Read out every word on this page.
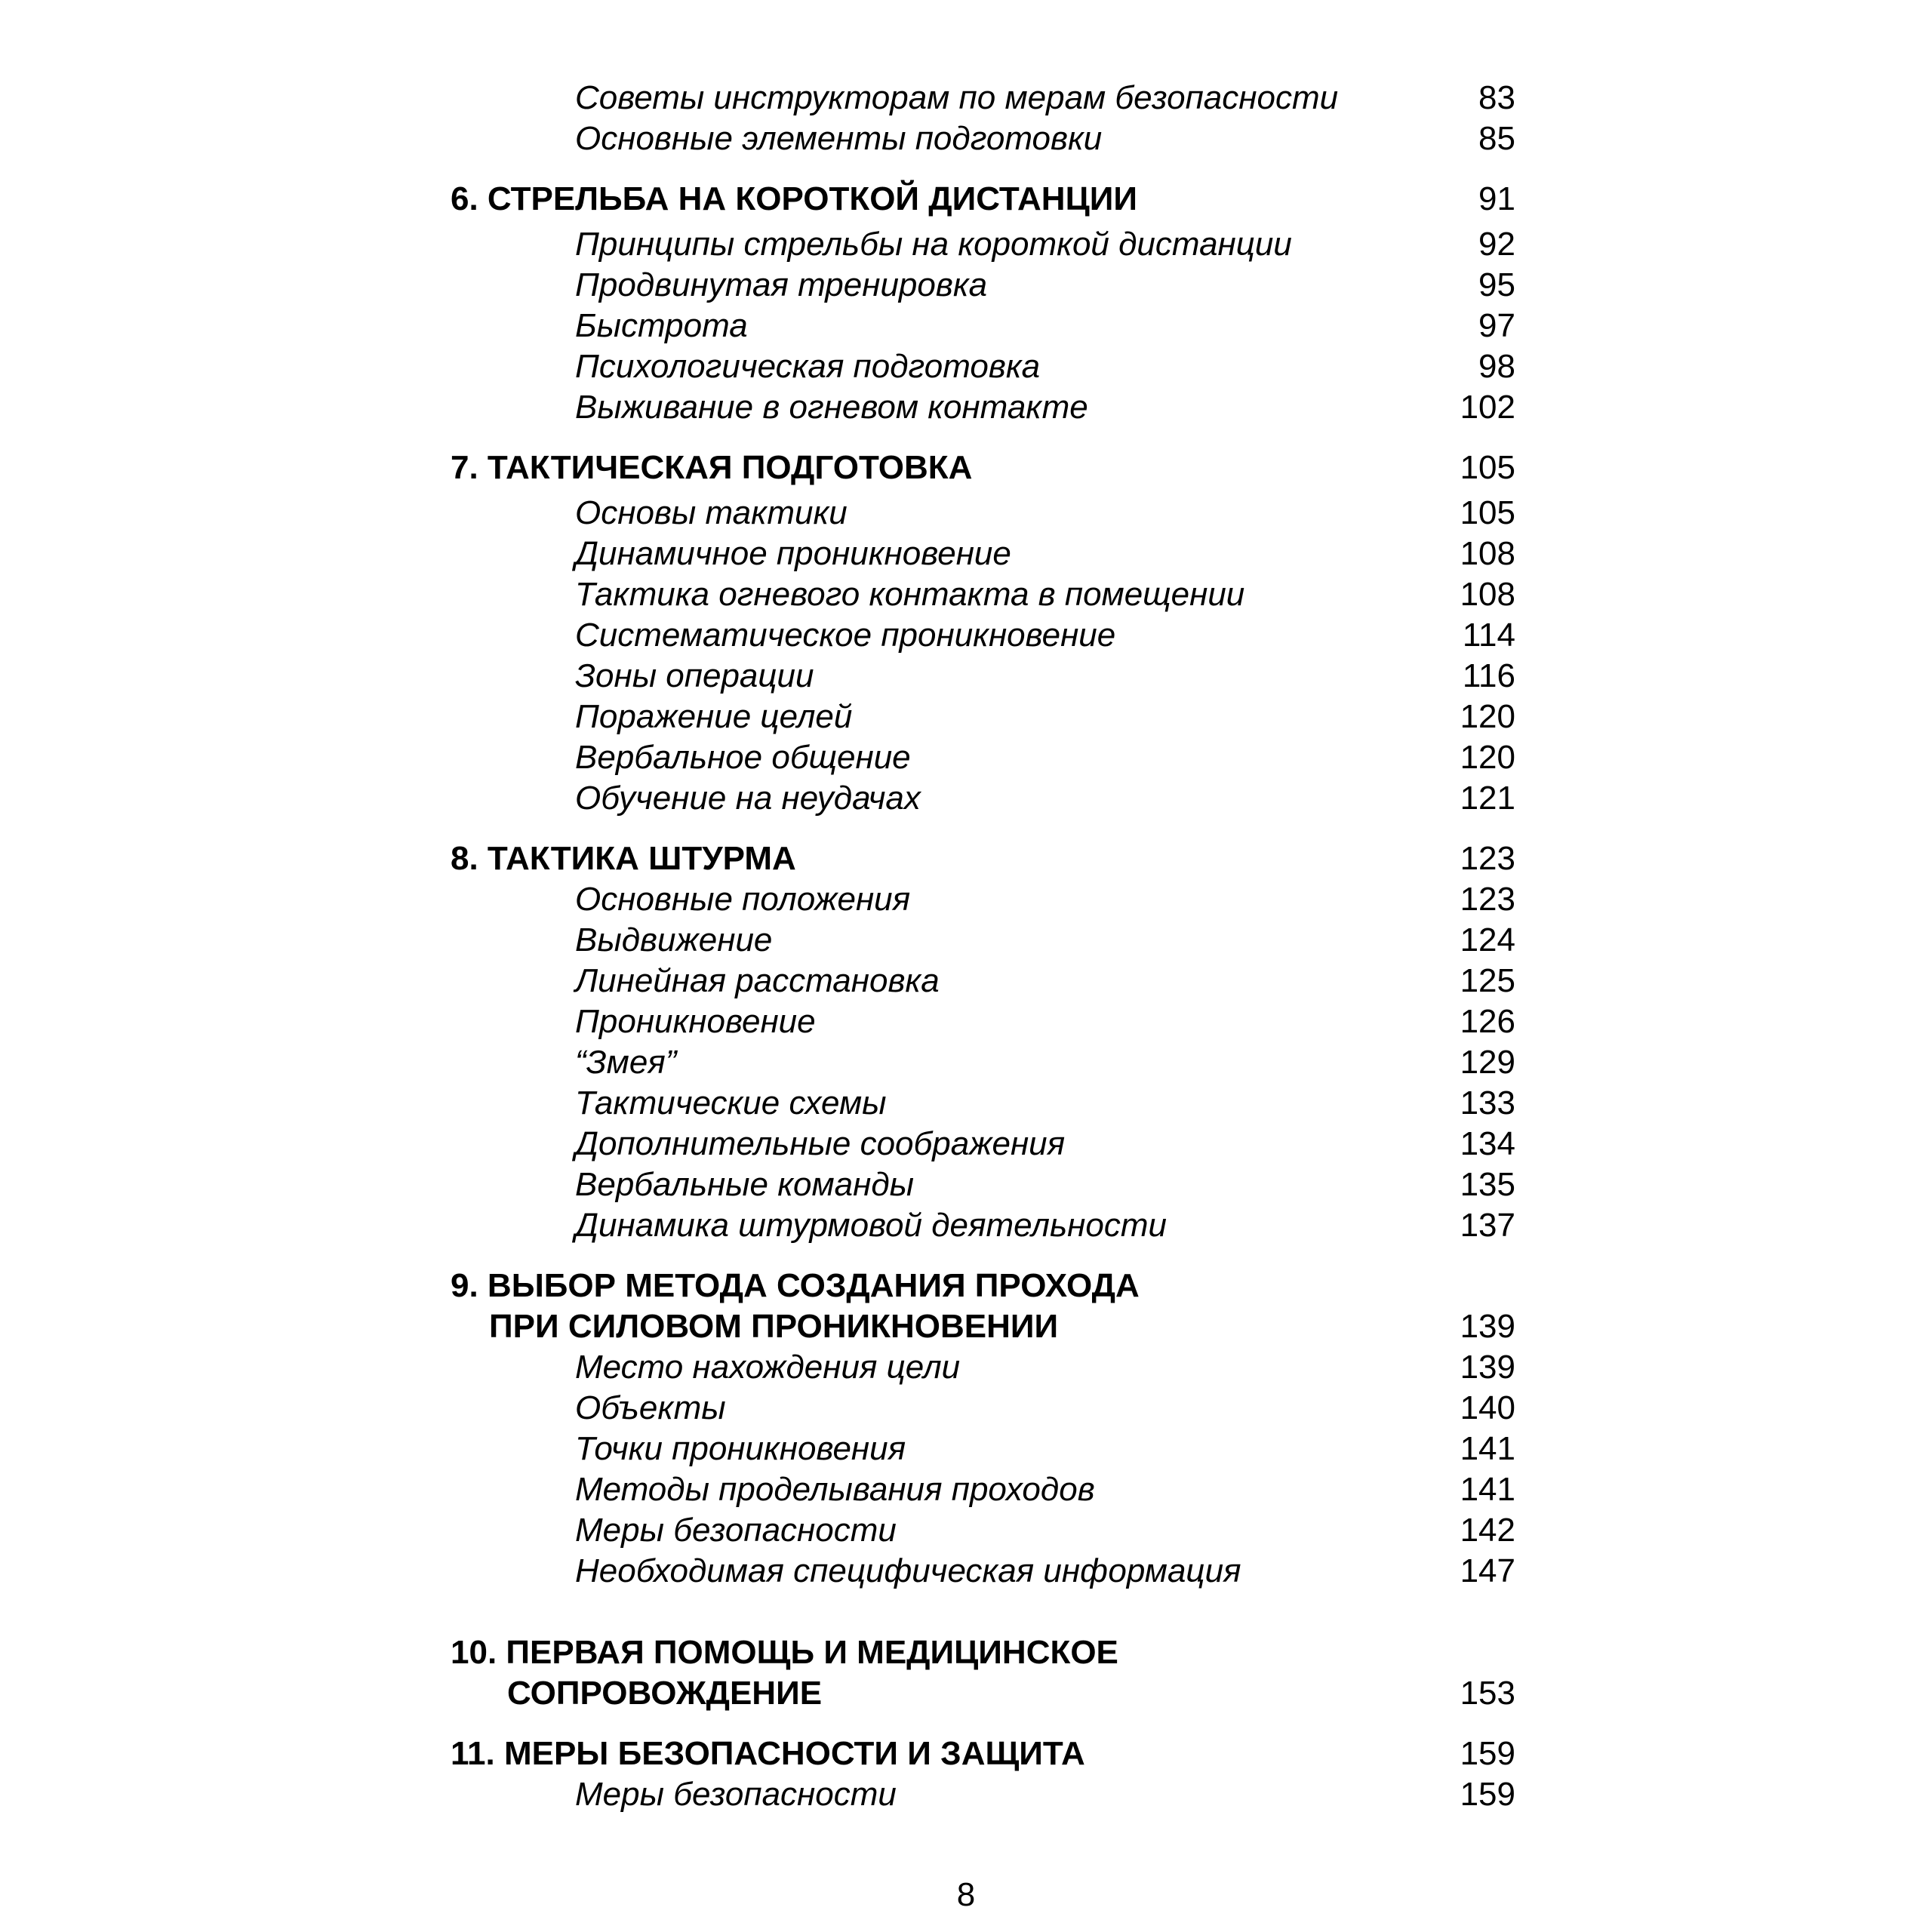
Советы инструкторам по мерам безопасности	83
Основные элементы подготовки	85
6. СТРЕЛЬБА НА КОРОТКОЙ ДИСТАНЦИИ	91
Принципы стрельбы на короткой дистанции	92
Продвинутая тренировка	95
Быстрота	97
Психологическая подготовка	98
Выживание в огневом контакте	102
7. ТАКТИЧЕСКАЯ ПОДГОТОВКА	105
Основы тактики	105
Динамичное проникновение	108
Тактика огневого контакта в помещении	108
Систематическое проникновение	114
Зоны операции	116
Поражение целей	120
Вербальное общение	120
Обучение на неудачах	121
8. ТАКТИКА ШТУРМА	123
Основные положения	123
Выдвижение	124
Линейная расстановка	125
Проникновение	126
“Змея”	129
Тактические схемы	133
Дополнительные соображения	134
Вербальные команды	135
Динамика штурмовой деятельности	137
9. ВЫБОР МЕТОДА СОЗДАНИЯ ПРОХОДА
ПРИ СИЛОВОМ ПРОНИКНОВЕНИИ	139
Место нахождения цели	139
Объекты	140
Точки проникновения	141
Методы проделывания проходов	141
Меры безопасности	142
Необходимая специфическая информация	147
10. ПЕРВАЯ ПОМОЩЬ И МЕДИЦИНСКОЕ
СОПРОВОЖДЕНИЕ	153
11. МЕРЫ БЕЗОПАСНОСТИ И ЗАЩИТА	159
Меры безопасности	159
8
